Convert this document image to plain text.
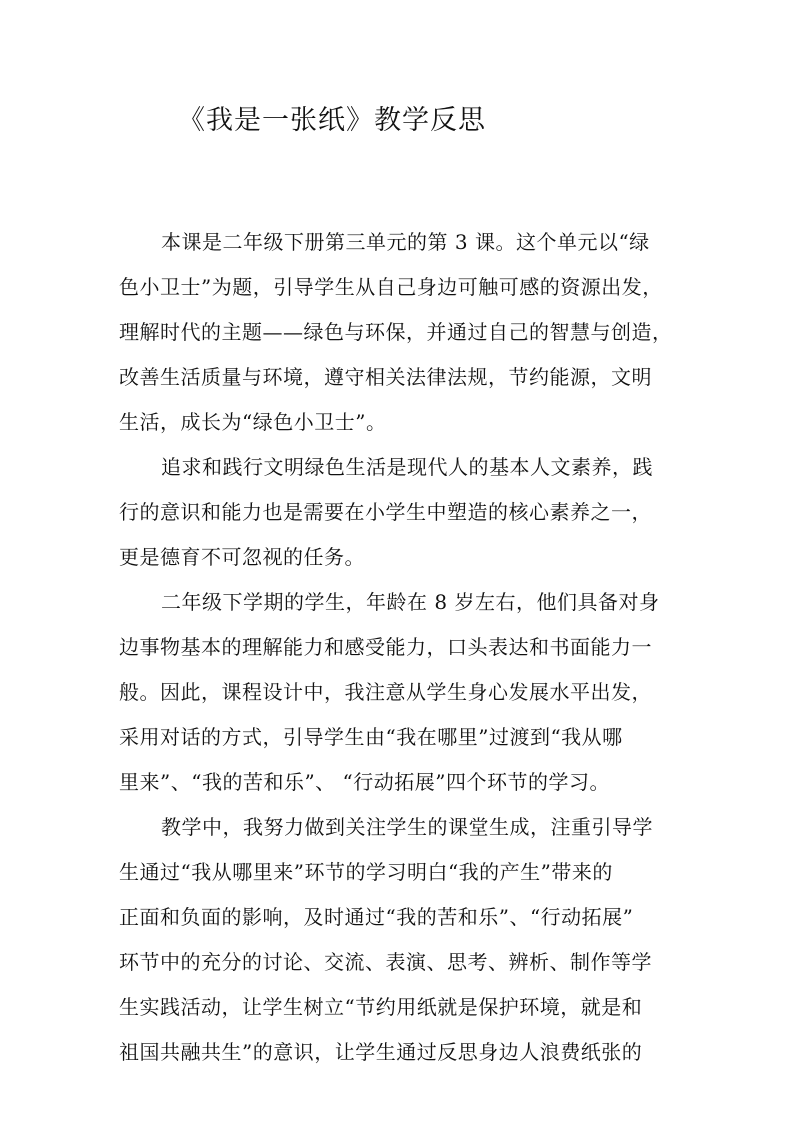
《我是一张纸》教学反思
本课是二年级下册第三单元的第 3 课。这个单元以“绿
色小卫士”为题，引导学生从自己身边可触可感的资源出发，
理解时代的主题——绿色与环保，并通过自己的智慧与创造，
改善生活质量与环境，遵守相关法律法规，节约能源，文明
生活，成长为“绿色小卫士”。
追求和践行文明绿色生活是现代人的基本人文素养，践
行的意识和能力也是需要在小学生中塑造的核心素养之一，
更是德育不可忽视的任务。
二年级下学期的学生，年龄在 8 岁左右，他们具备对身
边事物基本的理解能力和感受能力，口头表达和书面能力一
般。因此，课程设计中，我注意从学生身心发展水平出发，
采用对话的方式，引导学生由“我在哪里”过渡到“我从哪
里来”、“我的苦和乐”、 “行动拓展”四个环节的学习。
教学中，我努力做到关注学生的课堂生成，注重引导学
生通过“我从哪里来”环节的学习明白“我的产生”带来的
正面和负面的影响，及时通过“我的苦和乐”、“行动拓展”
环节中的充分的讨论、交流、表演、思考、辨析、制作等学
生实践活动，让学生树立“节约用纸就是保护环境，就是和
祖国共融共生”的意识，让学生通过反思身边人浪费纸张的
